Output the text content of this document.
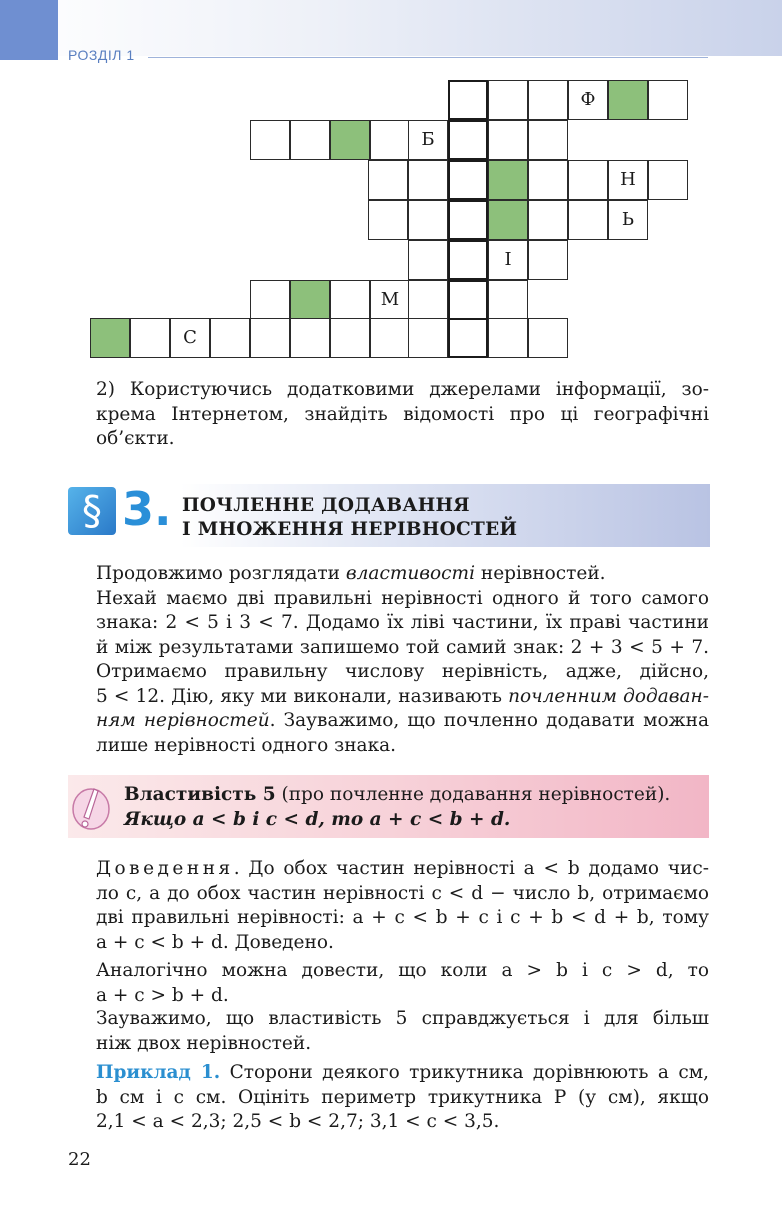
РОЗДІЛ 1
Ф
Б
Н
Ь
І
М
С
2) Користуючись додатковими джерелами інформації, зо-
крема Інтернетом, знайдіть відомості про ці географічні
об’єкти.
§ 3. ПОЧЛЕННЕ ДОДАВАННЯ
І МНОЖЕННЯ НЕРІВНОСТЕЙ
Продовжимо розглядати властивості нерівностей.
Нехай маємо дві правильні нерівності одного й того самого
знака: 2 < 5 і 3 < 7. Додамо їх ліві частини, їх праві частини
й між результатами запишемо той самий знак: 2 + 3 < 5 + 7.
Отримаємо правильну числову нерівність, адже, дійсно,
5 < 12. Дію, яку ми виконали, називають почленним додаван-
ням нерівностей. Зауважимо, що почленно додавати можна
лише нерівності одного знака.
Властивість 5 (про почленне додавання нерівностей).
Якщо a < b і c < d, то a + c < b + d.
Доведення. До обох частин нерівності a < b додамо чис-
ло c, а до обох частин нерівності c < d − число b, отримаємо
дві правильні нерівності: a + c < b + c і c + b < d + b, тому
a + c < b + d. Доведено.
Аналогічно можна довести, що коли a > b і c > d, то
a + c > b + d.
Зауважимо, що властивість 5 справджується і для більш
ніж двох нерівностей.
Приклад 1. Сторони деякого трикутника дорівнюють a см,
b см і c см. Оцініть периметр трикутника P (у см), якщо
2,1 < a < 2,3; 2,5 < b < 2,7; 3,1 < c < 3,5.
22
